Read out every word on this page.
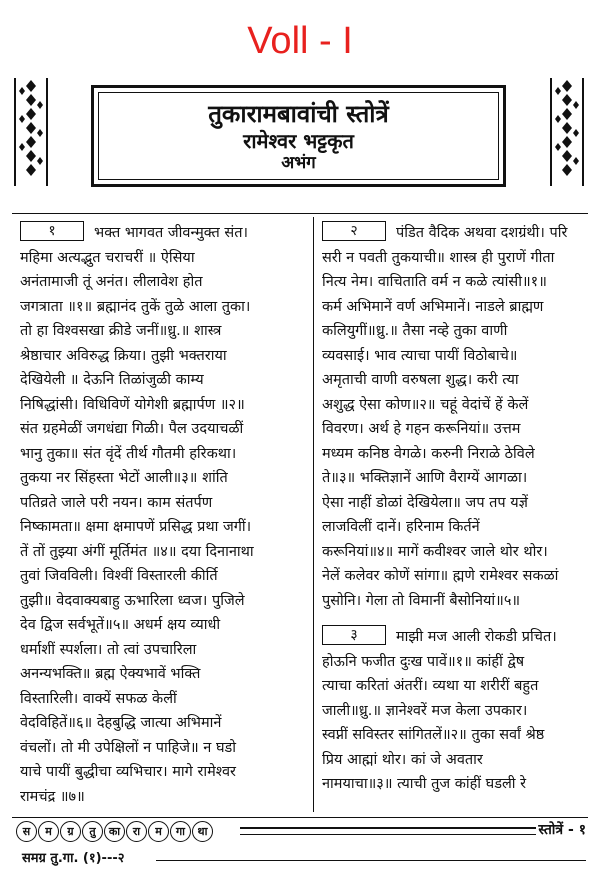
Voll - I
तुकारामबावांची स्तोत्रें
रामेश्वर भट्टकृत
अभंग
१	भक्त भागवत जीवन्मुक्त संत।
महिमा अत्यद्भुत चराचरीं ॥ ऐसिया
अनंतामाजी तूं अनंत। लीलावेश होत
जगत्राता ॥१॥ ब्रह्मानंद तुकें तुळे आला तुका।
तो हा विश्वसखा क्रीडे जनीं॥ध्रु.॥ शास्त्र
श्रेष्ठाचार अविरुद्ध क्रिया। तुझी भक्तराया
देखियेली ॥ देऊनि तिळांजुळी काम्य
निषिद्धांसी। विधिविणें योगेशी ब्रह्मार्पण ॥२॥
संत ग्रहमेळीं जगधंद्या गिळी। पैल उदयाचळीं
भानु तुका॥ संत वृंदें तीर्थ गौतमी हरिकथा।
तुकया नर सिंहस्ता भेटों आली॥३॥ शांति
पतिव्रते जाले परी नयन। काम संतर्पण
निष्कामता॥ क्षमा क्षमापणें प्रसिद्ध प्रथा जगीं।
तें तों तुझ्या अंगीं मूर्तिमंत ॥४॥ दया दिनानाथा
तुवां जिवविली। विश्वीं विस्तारली कीर्ति
तुझी॥ वेदवाक्यबाहु ऊभारिला ध्वज। पुजिले
देव द्विज सर्वभूतें॥५॥ अधर्म क्षय व्याधी
धर्माशीं स्पर्शला। तो त्वां उपचारिला
अनन्यभक्ति॥ ब्रह्म ऐक्यभावें भक्ति
विस्तारिली। वाक्यें सफळ केलीं
वेदविहितें॥६॥ देहबुद्धि जात्या अभिमानें
वंचलों। तो मी उपेक्षिलों न पाहिजे॥ न घडो
याचे पायीं बुद्धीचा व्यभिचार। मागे रामेश्वर
रामचंद्र ॥७॥
२	पंडित वैदिक अथवा दशग्रंथी। परि
सरी न पवती तुकयाची॥ शास्त्र ही पुराणें गीता
नित्य नेम। वाचिताति वर्म न कळे त्यांसी॥१॥
कर्म अभिमानें वर्ण अभिमानें। नाडले ब्राह्मण
कलियुगीं॥ध्रु.॥ तैसा नव्हे तुका वाणी
व्यवसाई। भाव त्याचा पायीं विठोबाचे॥
अमृताची वाणी वरुषला शुद्ध। करी त्या
अशुद्ध ऐसा कोण॥२॥ चहूं वेदांचें हें केलें
विवरण। अर्थ हे गहन करूनियां॥ उत्तम
मध्यम कनिष्ठ वेगळे। करुनी निराळे ठेविले
ते॥३॥ भक्तिज्ञानें आणि वैराग्यें आगळा।
ऐसा नाहीं डोळां देखियेला॥ जप तप यज्ञें
लाजविलीं दानें। हरिनाम किर्तनें
करूनियां॥४॥ मागें कवीश्वर जाले थोर थोर।
नेलें कलेवर कोणें सांगा॥ ह्मणे रामेश्वर सकळां
पुसोनि। गेला तो विमानीं बैसोनियां॥५॥
३	माझी मज आली रोकडी प्रचित।
होऊनि फजीत दुःख पावें॥१॥ कांहीं द्वेष
त्याचा करितां अंतरीं। व्यथा या शरीरीं बहुत
जाली॥ध्रु.॥ ज्ञानेश्वरें मज केला उपकार।
स्वप्नीं सविस्तर सांगितलें॥२॥ तुका सर्वां श्रेष्ठ
प्रिय आह्मां थोर। कां जे अवतार
नामयाचा॥३॥ त्याची तुज कांहीं घडली रे
स म ग्र तु का रा म गा था	स्तोत्रें - १
समग्र तु.गा. (१)---२
